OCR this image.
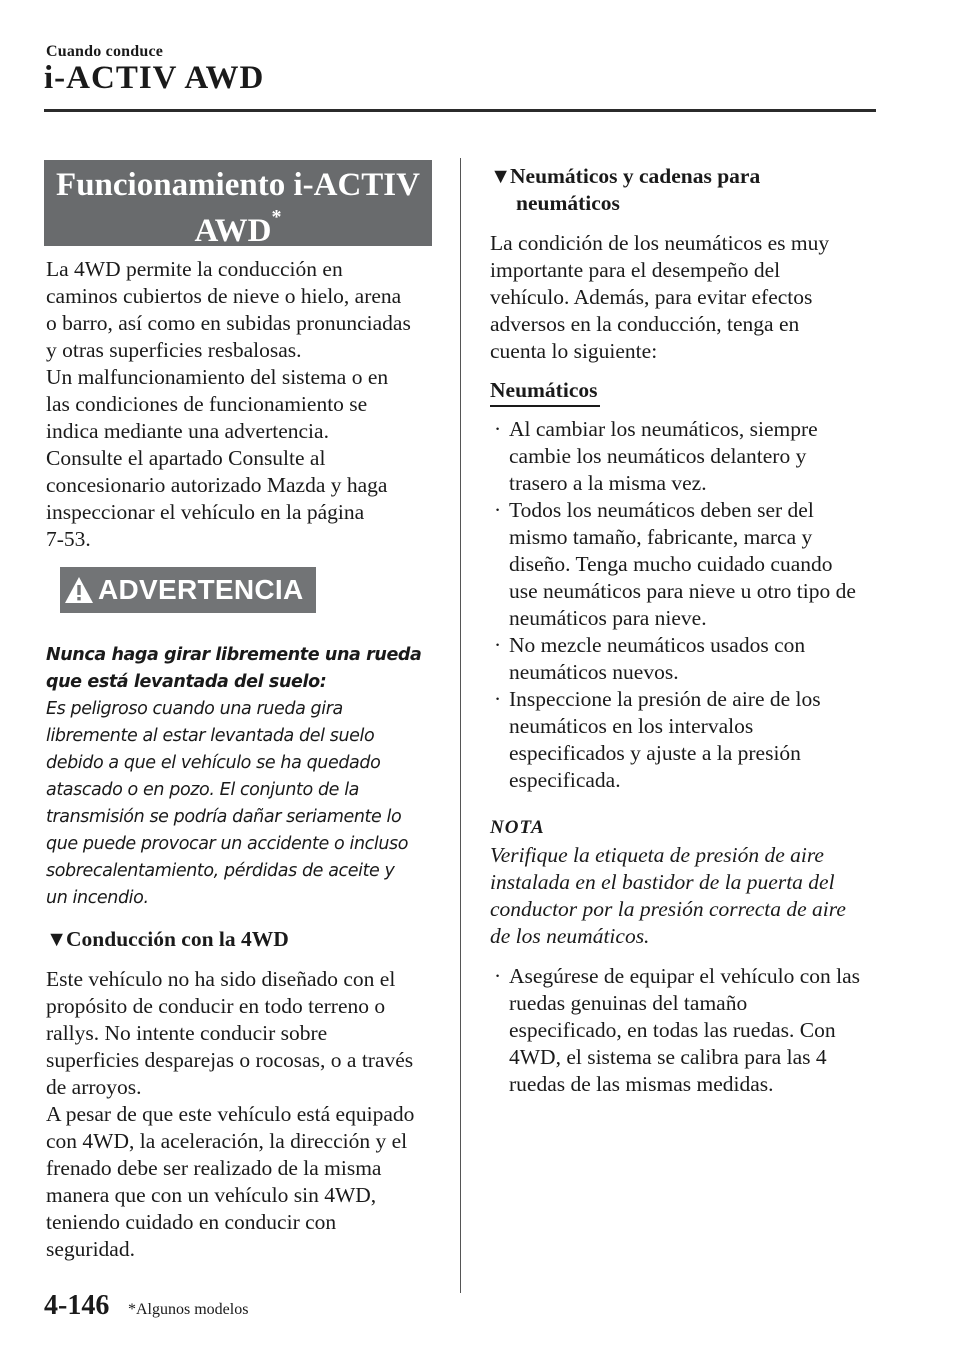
Cuando conduce
i-ACTIV AWD
Funcionamiento i-ACTIV
AWD*
La 4WD permite la conducción en
caminos cubiertos de nieve o hielo, arena
o barro, así como en subidas pronunciadas
y otras superficies resbalosas.
Un malfuncionamiento del sistema o en
las condiciones de funcionamiento se
indica mediante una advertencia.
Consulte el apartado Consulte al
concesionario autorizado Mazda y haga
inspeccionar el vehículo en la página
7-53.
ADVERTENCIA
Nunca haga girar libremente una rueda
que está levantada del suelo:
Es peligroso cuando una rueda gira
libremente al estar levantada del suelo
debido a que el vehículo se ha quedado
atascado o en pozo. El conjunto de la
transmisión se podría dañar seriamente lo
que puede provocar un accidente o incluso
sobrecalentamiento, pérdidas de aceite y
un incendio.
▼Conducción con la 4WD
Este vehículo no ha sido diseñado con el
propósito de conducir en todo terreno o
rallys. No intente conducir sobre
superficies desparejas o rocosas, o a través
de arroyos.
A pesar de que este vehículo está equipado
con 4WD, la aceleración, la dirección y el
frenado debe ser realizado de la misma
manera que con un vehículo sin 4WD,
teniendo cuidado en conducir con
seguridad.
▼Neumáticos y cadenas para
neumáticos
La condición de los neumáticos es muy
importante para el desempeño del
vehículo. Además, para evitar efectos
adversos en la conducción, tenga en
cuenta lo siguiente:
Neumáticos
· Al cambiar los neumáticos, siempre
cambie los neumáticos delantero y
trasero a la misma vez.
· Todos los neumáticos deben ser del
mismo tamaño, fabricante, marca y
diseño. Tenga mucho cuidado cuando
use neumáticos para nieve u otro tipo de
neumáticos para nieve.
· No mezcle neumáticos usados con
neumáticos nuevos.
· Inspeccione la presión de aire de los
neumáticos en los intervalos
especificados y ajuste a la presión
especificada.
NOTA
Verifique la etiqueta de presión de aire
instalada en el bastidor de la puerta del
conductor por la presión correcta de aire
de los neumáticos.
· Asegúrese de equipar el vehículo con las
ruedas genuinas del tamaño
especificado, en todas las ruedas. Con
4WD, el sistema se calibra para las 4
ruedas de las mismas medidas.
4-146 *Algunos modelos
